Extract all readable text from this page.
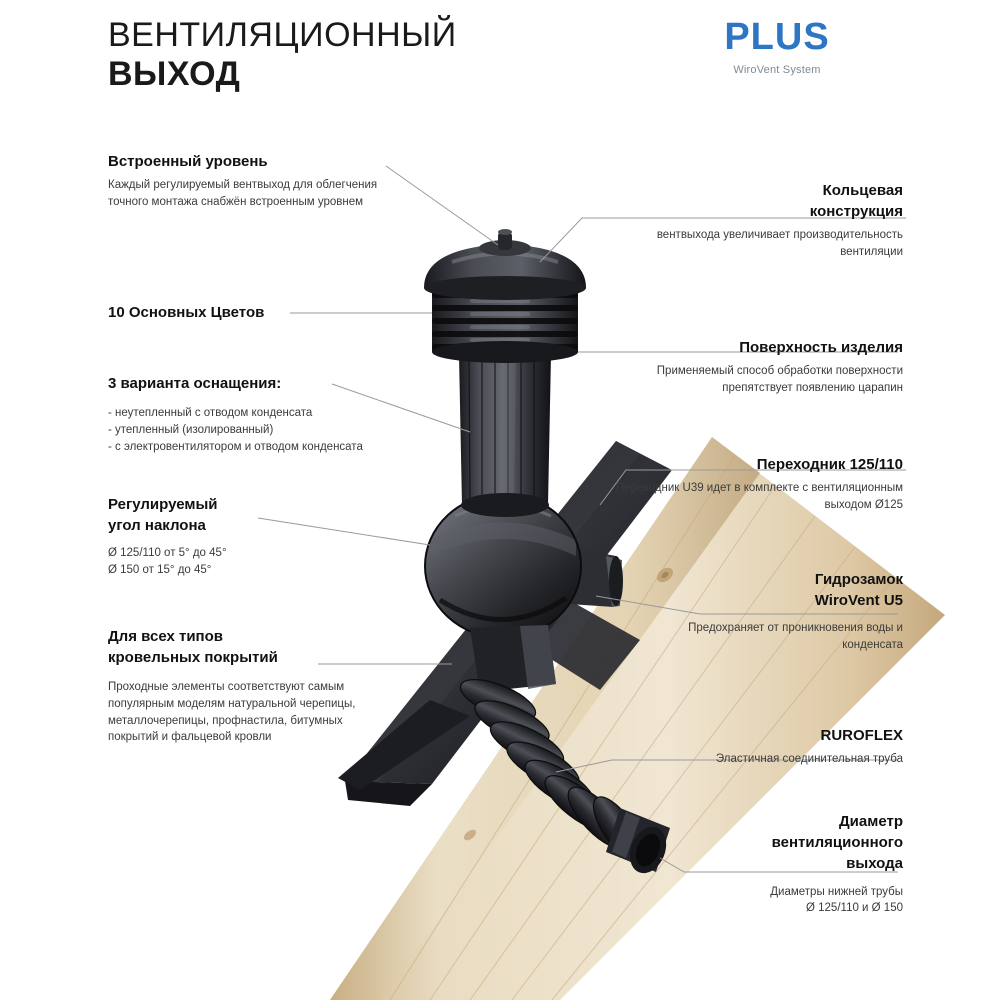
ВЕНТИЛЯЦИОННЫЙ
ВЫХОД
PLUS
WiroVent System
Встроенный уровень

Каждый регулируемый вентвыход для облегчения точного монтажа снабжён встроенным уровнем

Кольцевая
конструкция

вентвыхода увеличивает производительность вентиляции

10 Основных Цветов
Поверхность изделия

Применяемый способ обработки поверхности препятствует появлению царапин

3 варианта оснащения:

- неутепленный с отводом конденсата

- утепленный (изолированный)

- с электровентилятором и отводом конденсата

Переходник 125/110

Переходник U39 идет в комплекте с вентиляционным выходом Ø125

Регулируемый
угол наклона

Ø 125/110 от 5° до 45°

Ø 150 от 15° до 45°

Гидрозамок
WiroVent U5

Предохраняет от проникновения воды и конденсата

Для всех типов
кровельных покрытий

Проходные элементы соответствуют самым популярным моделям натуральной черепицы, металлочерепицы, профнастила, битумных покрытий и фальцевой кровли	RUROFLEX

Эластичная соединительная труба

Диаметр
вентиляционного
выхода

Диаметры нижней трубы

Ø 125/110 и Ø 150
